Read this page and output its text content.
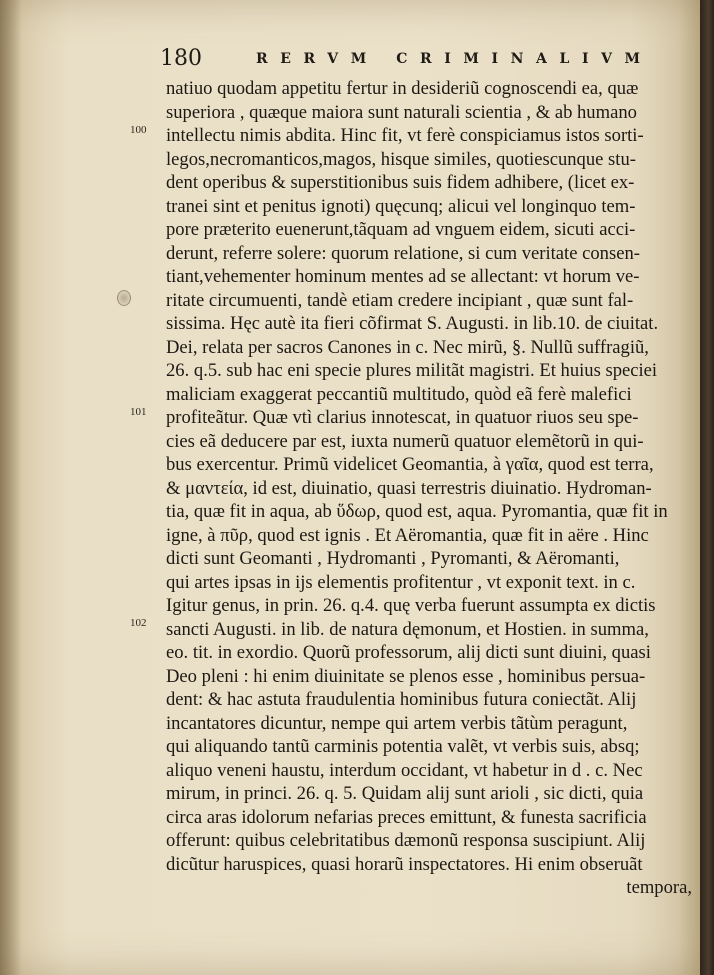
180	RERVM CRIMINALIVM
100
101
102
natiuo quodam appetitu fertur in desideriũ cognoscendi ea, quæ
superiora , quæque maiora sunt naturali scientia , & ab humano
intellectu nimis abdita. Hinc fit, vt ferè conspiciamus istos sorti-
legos,necromanticos,magos, hisque similes, quotiescunque stu-
dent operibus & superstitionibus suis fidem adhibere, (licet ex-
tranei sint et penitus ignoti) quęcunq; alicui vel longinquo tem-
pore præterito euenerunt,tãquam ad vnguem eidem, sicuti acci-
derunt, referre solere: quorum relatione, si cum veritate consen-
tiant,vehementer hominum mentes ad se allectant: vt horum ve-
ritate circumuenti, tandè etiam credere incipiant , quæ sunt fal-
sissima. Hęc autè ita fieri cõfirmat S. Augusti. in lib.10. de ciuitat.
Dei, relata per sacros Canones in c. Nec mirũ, §. Nullũ suffragiũ,
26. q.5. sub hac eni specie plures militãt magistri. Et huius speciei
maliciam exaggerat peccantiũ multitudo, quòd eã ferè malefici
profiteãtur. Quæ vtì clarius innotescat, in quatuor riuos seu spe-
cies eã deducere par est, iuxta numerũ quatuor elemẽtorũ in qui-
bus exercentur. Primũ videlicet Geomantia, à γαῖα, quod est terra,
& μαντεία, id est, diuinatio, quasi terrestris diuinatio. Hydroman-
tia, quæ fit in aqua, ab ὕδωρ, quod est, aqua. Pyromantia, quæ fit in
igne, à πῦρ, quod est ignis . Et Aëromantia, quæ fit in aëre . Hinc
dicti sunt Geomanti , Hydromanti , Pyromanti, & Aëromanti,
qui artes ipsas in ijs elementis profitentur , vt exponit text. in c.
Igitur genus, in prin. 26. q.4. quę verba fuerunt assumpta ex dictis
sancti Augusti. in lib. de natura dęmonum, et Hostien. in summa,
eo. tit. in exordio. Quorũ professorum, alij dicti sunt diuini, quasi
Deo pleni : hi enim diuinitate se plenos esse , hominibus persua-
dent: & hac astuta fraudulentia hominibus futura coniectãt. Alij
incantatores dicuntur, nempe qui artem verbis tãtùm peragunt,
qui aliquando tantũ carminis potentia valẽt, vt verbis suis, absq;
aliquo veneni haustu, interdum occidant, vt habetur in d . c. Nec
mirum, in princi. 26. q. 5. Quidam alij sunt arioli , sic dicti, quia
circa aras idolorum nefarias preces emittunt, & funesta sacrificia
offerunt: quibus celebritatibus dæmonũ responsa suscipiunt. Alij
dicũtur haruspices, quasi horarũ inspectatores. Hi enim obseruãt
tempora,
